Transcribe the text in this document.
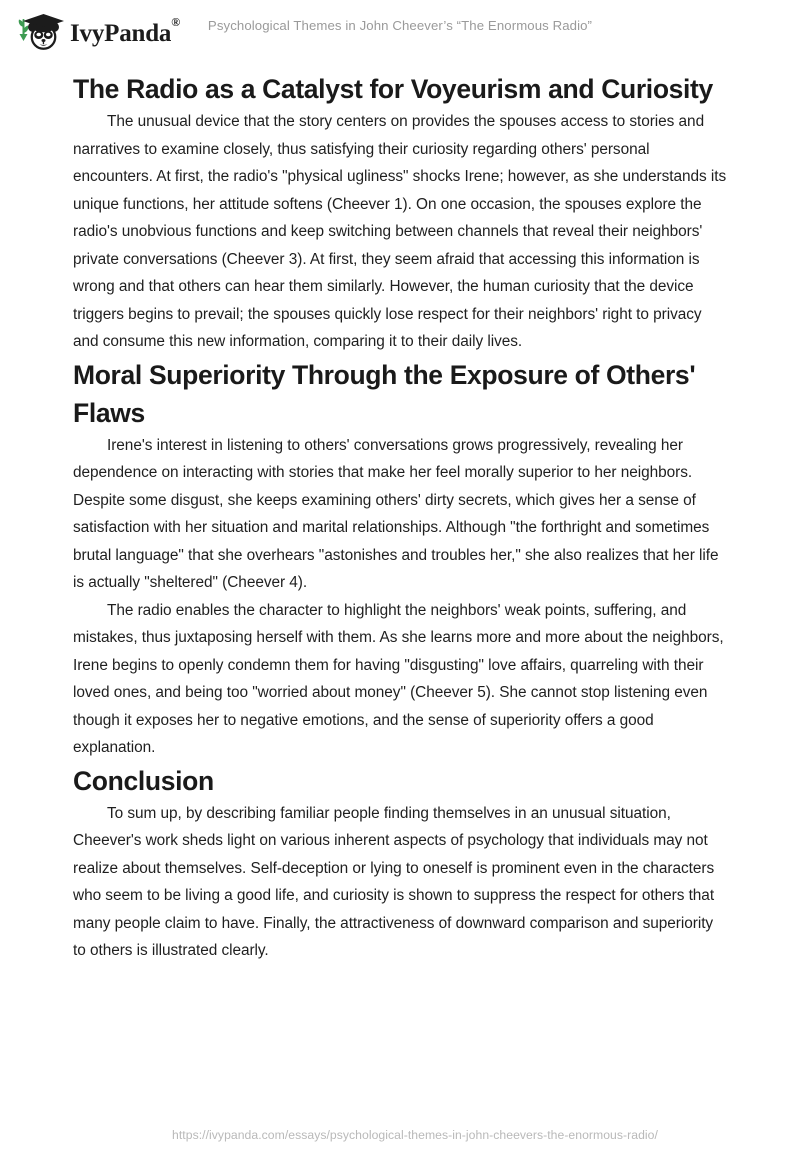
IvyPanda®	Psychological Themes in John Cheever’s “The Enormous Radio”
The Radio as a Catalyst for Voyeurism and Curiosity

The unusual device that the story centers on provides the spouses access to stories and narratives to examine closely, thus satisfying their curiosity regarding others' personal encounters. At first, the radio's "physical ugliness" shocks Irene; however, as she understands its unique functions, her attitude softens (Cheever 1). On one occasion, the spouses explore the radio's unobvious functions and keep switching between channels that reveal their neighbors' private conversations (Cheever 3). At first, they seem afraid that accessing this information is wrong and that others can hear them similarly. However, the human curiosity that the device triggers begins to prevail; the spouses quickly lose respect for their neighbors' right to privacy and consume this new information, comparing it to their daily lives.

Moral Superiority Through the Exposure of Others' Flaws

Irene's interest in listening to others' conversations grows progressively, revealing her dependence on interacting with stories that make her feel morally superior to her neighbors. Despite some disgust, she keeps examining others' dirty secrets, which gives her a sense of satisfaction with her situation and marital relationships. Although "the forthright and sometimes brutal language" that she overhears "astonishes and troubles her," she also realizes that her life is actually "sheltered" (Cheever 4).

The radio enables the character to highlight the neighbors' weak points, suffering, and mistakes, thus juxtaposing herself with them. As she learns more and more about the neighbors, Irene begins to openly condemn them for having "disgusting" love affairs, quarreling with their loved ones, and being too "worried about money" (Cheever 5). She cannot stop listening even though it exposes her to negative emotions, and the sense of superiority offers a good explanation.

Conclusion

To sum up, by describing familiar people finding themselves in an unusual situation, Cheever's work sheds light on various inherent aspects of psychology that individuals may not realize about themselves. Self-deception or lying to oneself is prominent even in the characters who seem to be living a good life, and curiosity is shown to suppress the respect for others that many people claim to have. Finally, the attractiveness of downward comparison and superiority to others is illustrated clearly.

https://ivypanda.com/essays/psychological-themes-in-john-cheevers-the-enormous-radio/
